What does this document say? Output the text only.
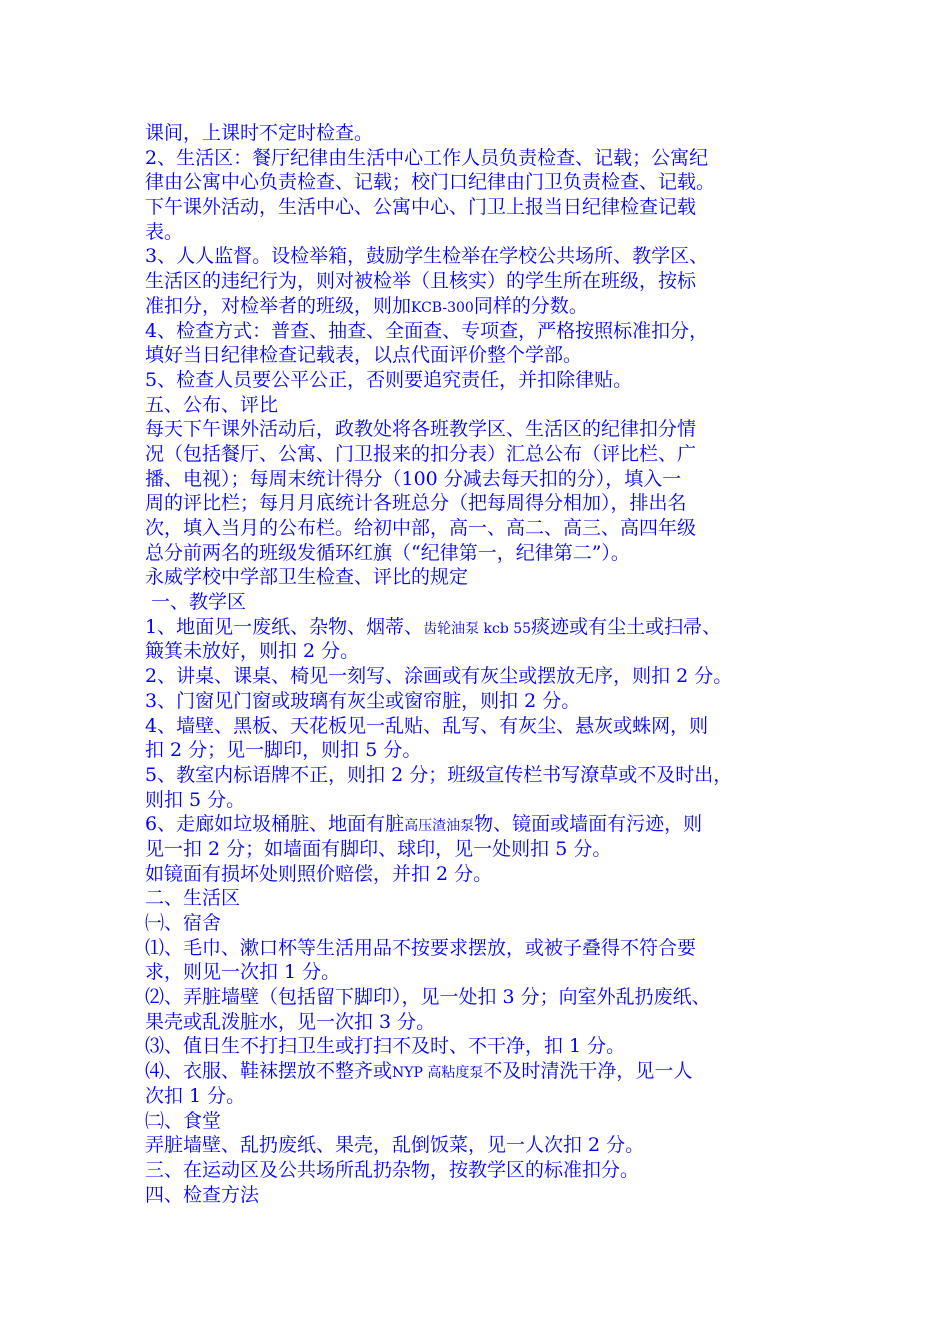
课间，上课时不定时检查。
2、生活区：餐厅纪律由生活中心工作人员负责检查、记载；公寓纪
律由公寓中心负责检查、记载；校门口纪律由门卫负责检查、记载。
下午课外活动，生活中心、公寓中心、门卫上报当日纪律检查记载
表。
3、人人监督。设检举箱，鼓励学生检举在学校公共场所、教学区、
生活区的违纪行为，则对被检举（且核实）的学生所在班级，按标
准扣分，对检举者的班级，则加KCB-300同样的分数。
4、检查方式：普查、抽查、全面查、专项查，严格按照标准扣分，
填好当日纪律检查记载表，以点代面评价整个学部。
5、检查人员要公平公正，否则要追究责任，并扣除律贴。
五、公布、评比
每天下午课外活动后，政教处将各班教学区、生活区的纪律扣分情
况（包括餐厅、公寓、门卫报来的扣分表）汇总公布（评比栏、广
播、电视）；每周末统计得分（100 分减去每天扣的分），填入一
周的评比栏；每月月底统计各班总分（把每周得分相加），排出名
次，填入当月的公布栏。给初中部，高一、高二、高三、高四年级
总分前两名的班级发循环红旗（“纪律第一，纪律第二”）。
永威学校中学部卫生检查、评比的规定
一、教学区
1、地面见一废纸、杂物、烟蒂、齿轮油泵 kcb 55痰迹或有尘土或扫帚、
簸箕未放好，则扣 2 分。
2、讲桌、课桌、椅见一刻写、涂画或有灰尘或摆放无序，则扣 2 分。
3、门窗见门窗或玻璃有灰尘或窗帘脏，则扣 2 分。
4、墙壁、黑板、天花板见一乱贴、乱写、有灰尘、悬灰或蛛网，则
扣 2 分；见一脚印，则扣 5 分。
5、教室内标语牌不正，则扣 2 分；班级宣传栏书写潦草或不及时出，
则扣 5 分。
6、走廊如垃圾桶脏、地面有脏高压渣油泵物、镜面或墙面有污迹，则
见一扣 2 分；如墙面有脚印、球印，见一处则扣 5 分。
如镜面有损坏处则照价赔偿，并扣 2 分。
二、生活区
㈠、宿舍
⑴、毛巾、漱口杯等生活用品不按要求摆放，或被子叠得不符合要
求，则见一次扣 1 分。
⑵、弄脏墙壁（包括留下脚印），见一处扣 3 分；向室外乱扔废纸、
果壳或乱泼脏水，见一次扣 3 分。
⑶、值日生不打扫卫生或打扫不及时、不干净，扣 1 分。
⑷、衣服、鞋袜摆放不整齐或NYP 高粘度泵不及时清洗干净，见一人
次扣 1 分。
㈡、食堂
弄脏墙壁、乱扔废纸、果壳，乱倒饭菜，见一人次扣 2 分。
三、在运动区及公共场所乱扔杂物，按教学区的标准扣分。
四、检查方法
